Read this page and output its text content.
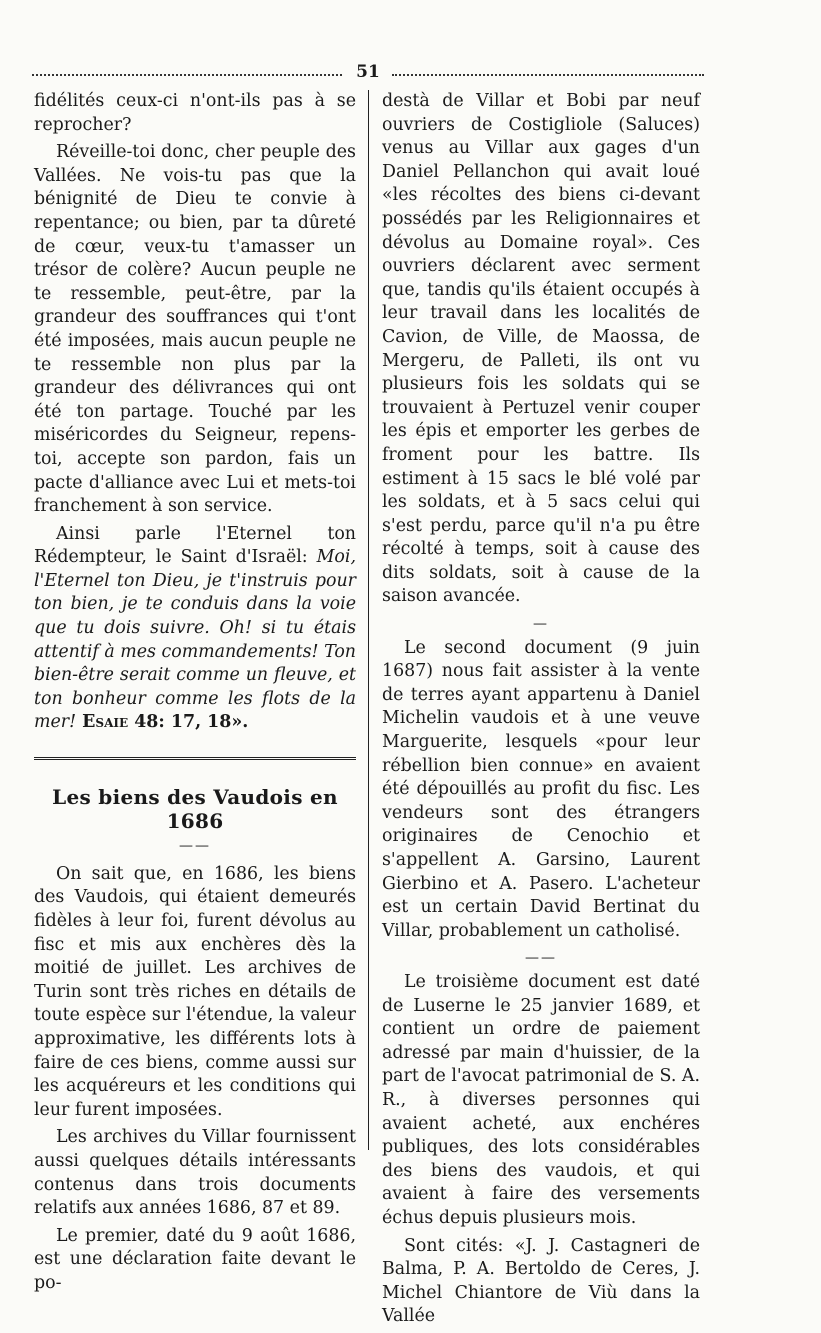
51

fidélités ceux-ci n'ont-ils pas à se reprocher?

Réveille-toi donc, cher peuple des Vallées. Ne vois-tu pas que la bénignité de Dieu te convie à repentance; ou bien, par ta dûreté de cœur, veux-tu t'amasser un trésor de colère? Aucun peuple ne te ressemble, peut-être, par la grandeur des souffrances qui t'ont été imposées, mais aucun peuple ne te ressemble non plus par la grandeur des délivrances qui ont été ton partage. Touché par les miséricordes du Seigneur, repens-toi, accepte son pardon, fais un pacte d'alliance avec Lui et mets-toi franchement à son service.

Ainsi parle l'Eternel ton Rédempteur, le Saint d'Israël: Moi, l'Eternel ton Dieu, je t'instruis pour ton bien, je te conduis dans la voie que tu dois suivre. Oh! si tu étais attentif à mes commandements! Ton bien-être serait comme un fleuve, et ton bonheur comme les flots de la mer! Esaie 48: 17, 18».

Les biens des Vaudois en 1686
——

On sait que, en 1686, les biens des Vaudois, qui étaient demeurés fidèles à leur foi, furent dévolus au fisc et mis aux enchères dès la moitié de juillet. Les archives de Turin sont très riches en détails de toute espèce sur l'étendue, la valeur approximative, les différents lots à faire de ces biens, comme aussi sur les acquéreurs et les conditions qui leur furent imposées.

Les archives du Villar fournissent aussi quelques détails intéressants contenus dans trois documents relatifs aux années 1686, 87 et 89.

Le premier, daté du 9 août 1686, est une déclaration faite devant le po-

destà de Villar et Bobi par neuf ouvriers de Costigliole (Saluces) venus au Villar aux gages d'un Daniel Pellanchon qui avait loué «les récoltes des biens ci-devant possédés par les Religionnaires et dévolus au Domaine royal». Ces ouvriers déclarent avec serment que, tandis qu'ils étaient occupés à leur travail dans les localités de Cavion, de Ville, de Maossa, de Mergeru, de Palleti, ils ont vu plusieurs fois les soldats qui se trouvaient à Pertuzel venir couper les épis et emporter les gerbes de froment pour les battre. Ils estiment à 15 sacs le blé volé par les soldats, et à 5 sacs celui qui s'est perdu, parce qu'il n'a pu être récolté à temps, soit à cause des dits soldats, soit à cause de la saison avancée.

—

Le second document (9 juin 1687) nous fait assister à la vente de terres ayant appartenu à Daniel Michelin vaudois et à une veuve Marguerite, lesquels «pour leur rébellion bien connue» en avaient été dépouillés au profit du fisc. Les vendeurs sont des étrangers originaires de Cenochio et s'appellent A. Garsino, Laurent Gierbino et A. Pasero. L'acheteur est un certain David Bertinat du Villar, probablement un catholisé.

——

Le troisième document est daté de Luserne le 25 janvier 1689, et contient un ordre de paiement adressé par main d'huissier, de la part de l'avocat patrimonial de S. A. R., à diverses personnes qui avaient acheté, aux enchéres publiques, des lots considérables des biens des vaudois, et qui avaient à faire des versements échus depuis plusieurs mois.

Sont cités: «J. J. Castagneri de Balma, P. A. Bertoldo de Ceres, J. Michel Chiantore de Viù dans la Vallée
